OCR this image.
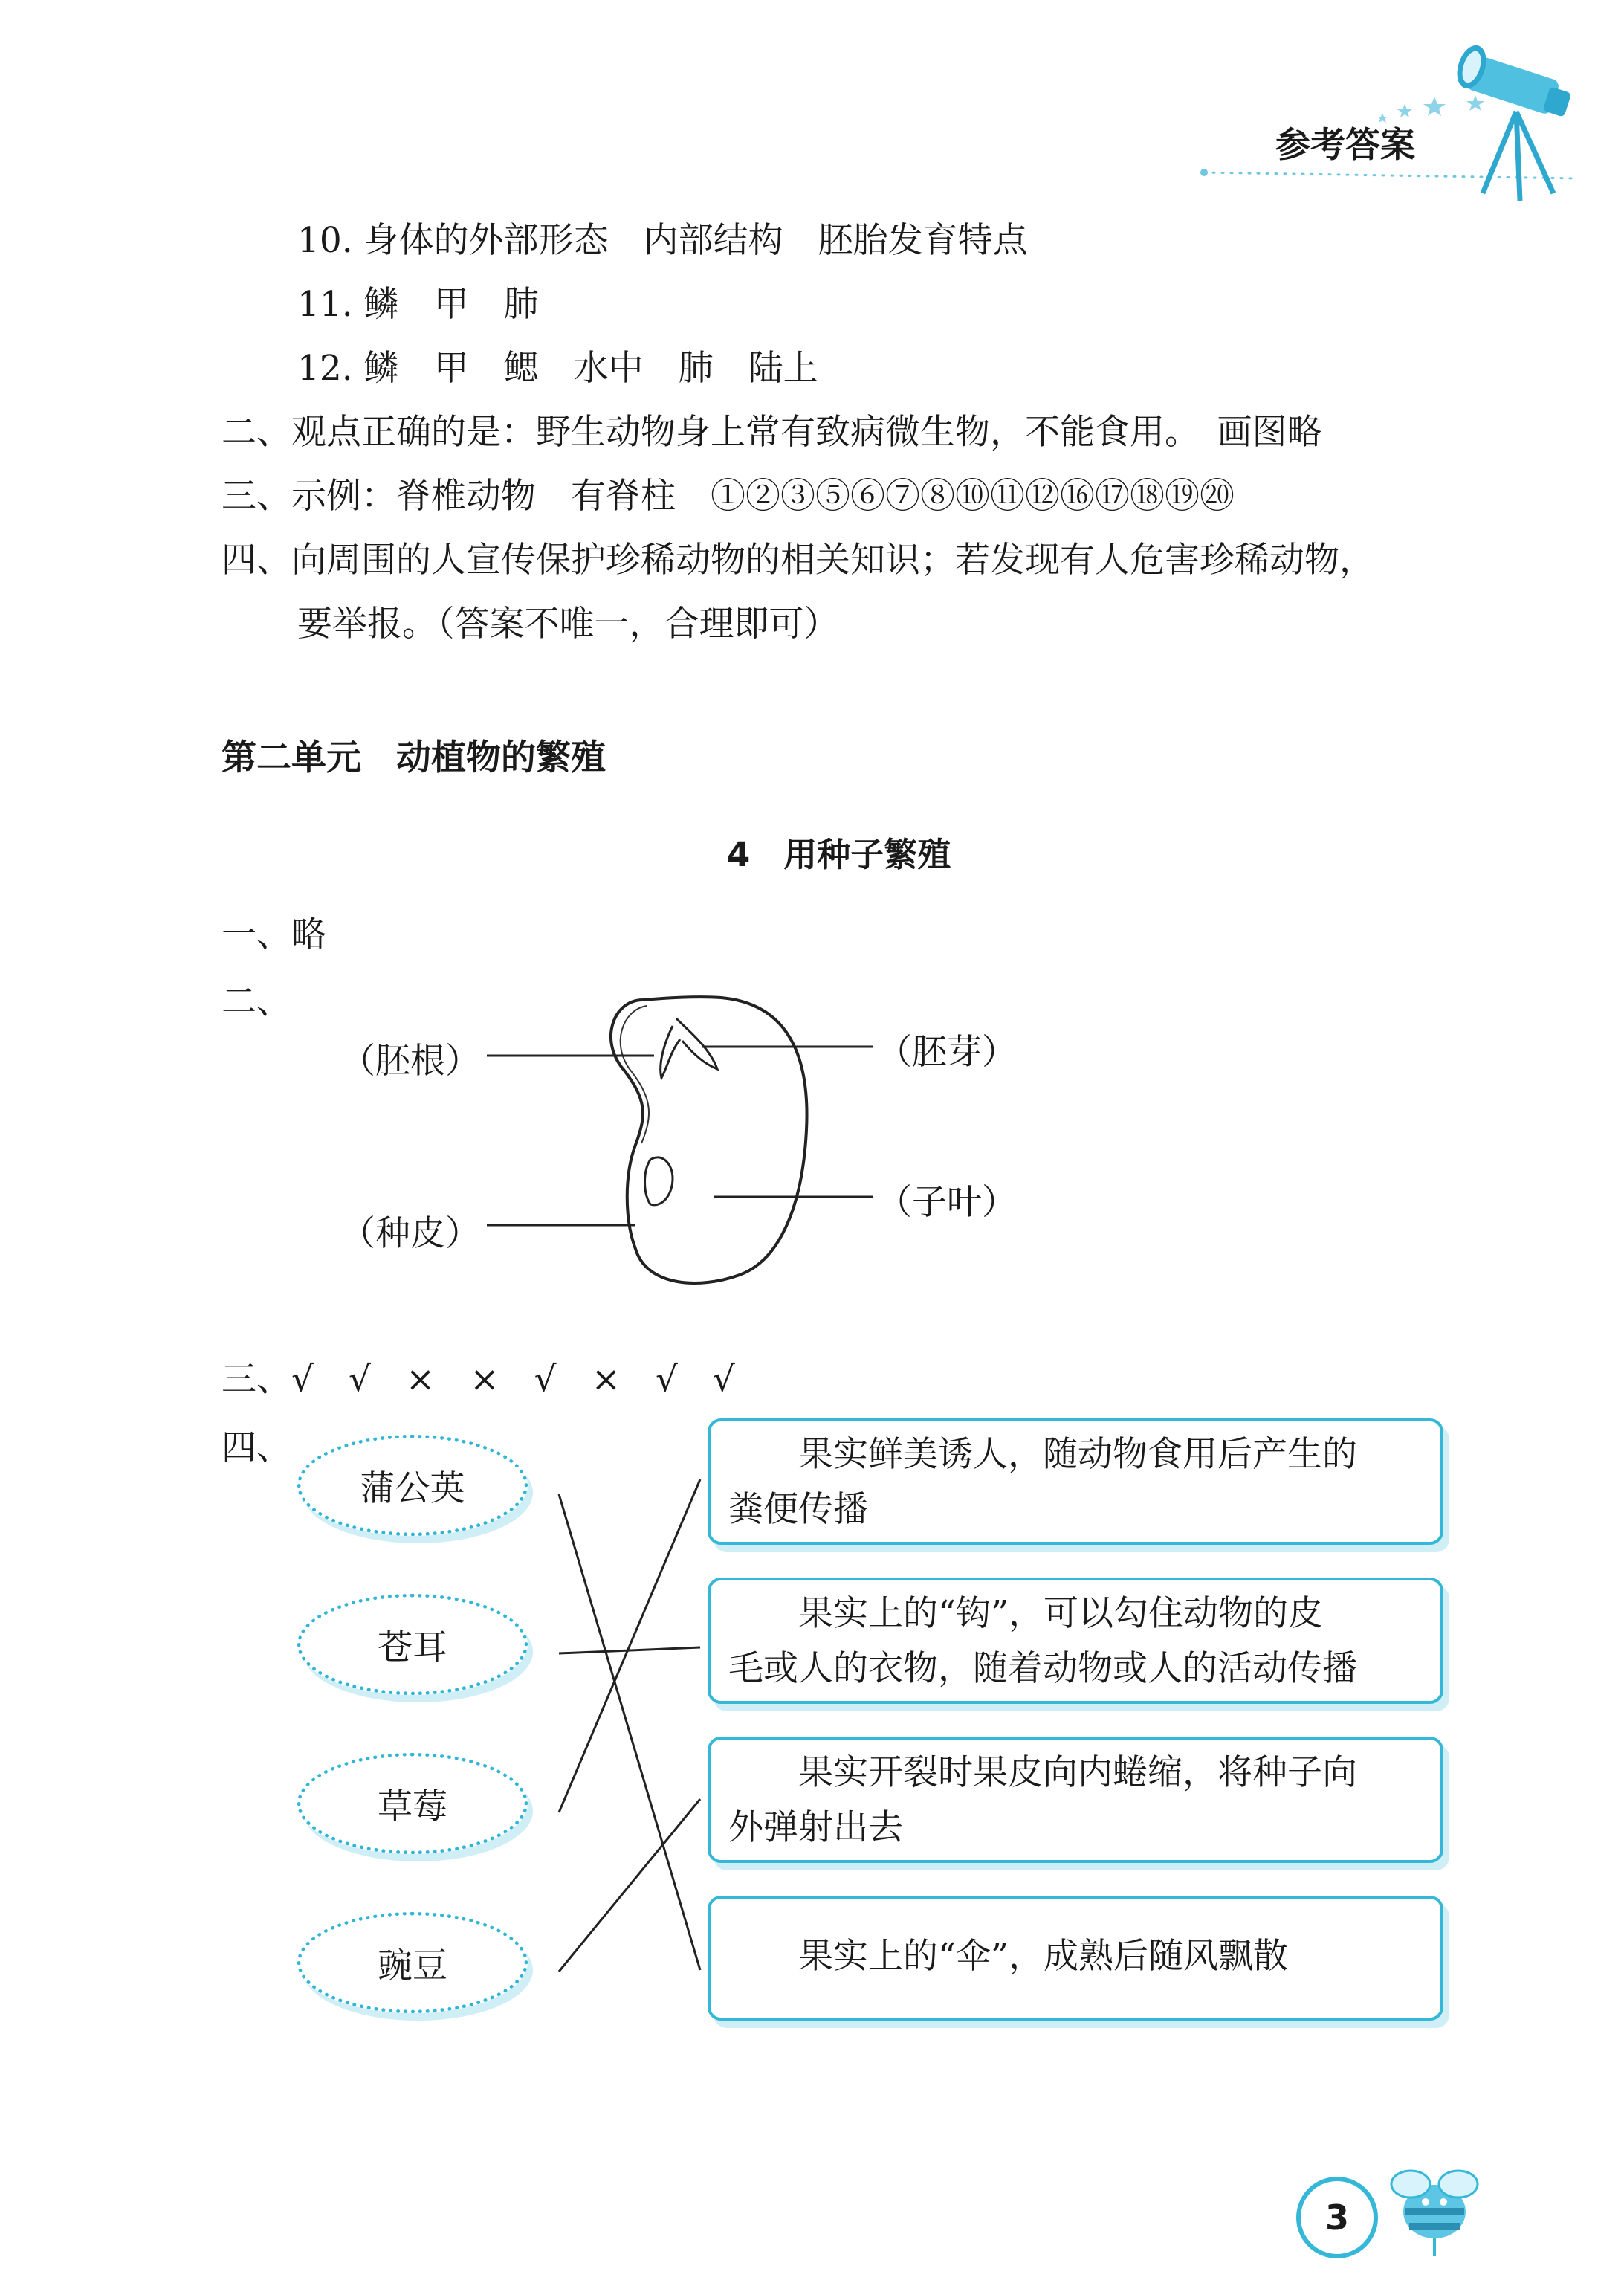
参考答案
10. 身体的外部形态　内部结构　胚胎发育特点
11. 鳞　甲　肺
12. 鳞　甲　鳃　水中　肺　陆上
二、观点正确的是：野生动物身上常有致病微生物，不能食用。　画图略
三、示例：脊椎动物　有脊柱　①②③⑤⑥⑦⑧⑩⑪⑫⑯⑰⑱⑲⑳
四、向周围的人宣传保护珍稀动物的相关知识；若发现有人危害珍稀动物，
要举报。（答案不唯一，合理即可）
第二单元　动植物的繁殖
4　用种子繁殖
一、略
二、
（胚根）	（胚芽）
（种皮）
（子叶）
三、√　√　×　×　√　×　√　√
四、
蒲公英
苍耳
草莓
豌豆
果实鲜美诱人，随动物食用后产生的
粪便传播
果实上的“钩”，可以勾住动物的皮
毛或人的衣物，随着动物或人的活动传播
果实开裂时果皮向内蜷缩，将种子向
外弹射出去
果实上的“伞”，成熟后随风飘散
3
